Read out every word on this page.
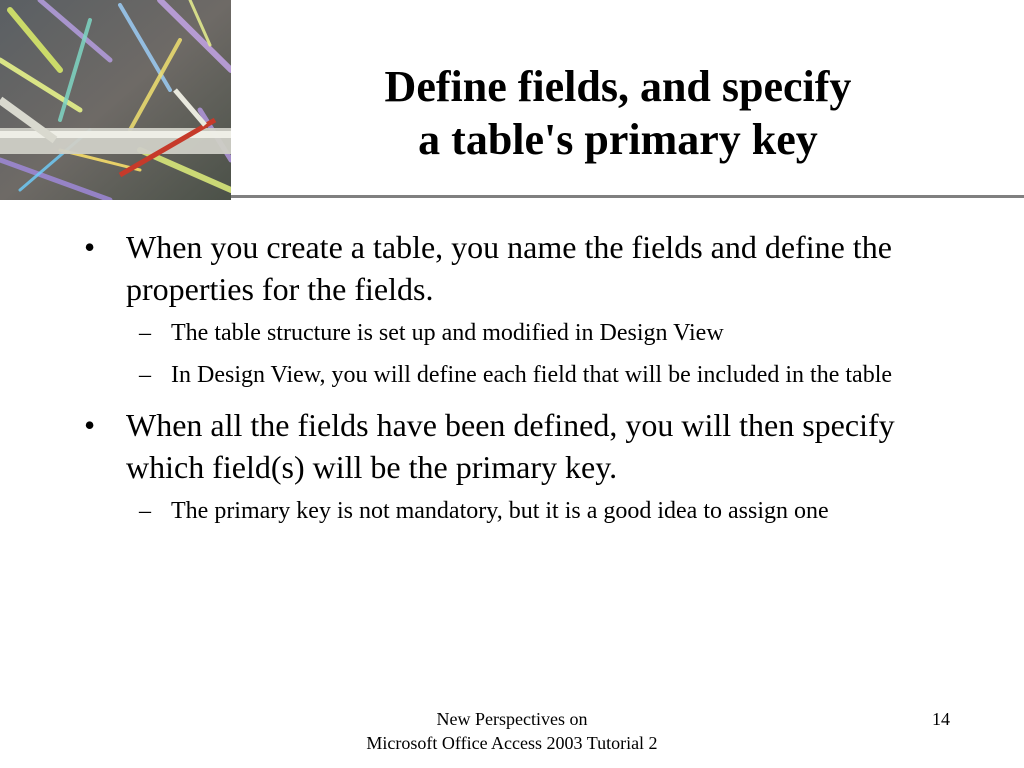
Define fields, and specify
a table's primary key
• When you create a table, you name the fields and define the properties for the fields.
– The table structure is set up and modified in Design View
– In Design View, you will define each field that will be included in the table
• When all the fields have been defined, you will then specify which field(s) will be the primary key.
– The primary key is not mandatory, but it is a good idea to assign one
New Perspectives on
Microsoft Office Access 2003 Tutorial 2
14
